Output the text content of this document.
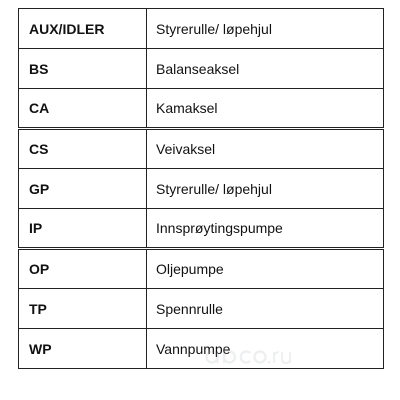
AUX/IDLER	Styrerulle/ løpehjul
BS	Balanseaksel
CA	Kamaksel
CS	Veivaksel
GP	Styrerulle/ løpehjul
IP	Innsprøytingspumpe
OP	Oljepumpe
TP	Spennrulle
WP	Vannpumpe
